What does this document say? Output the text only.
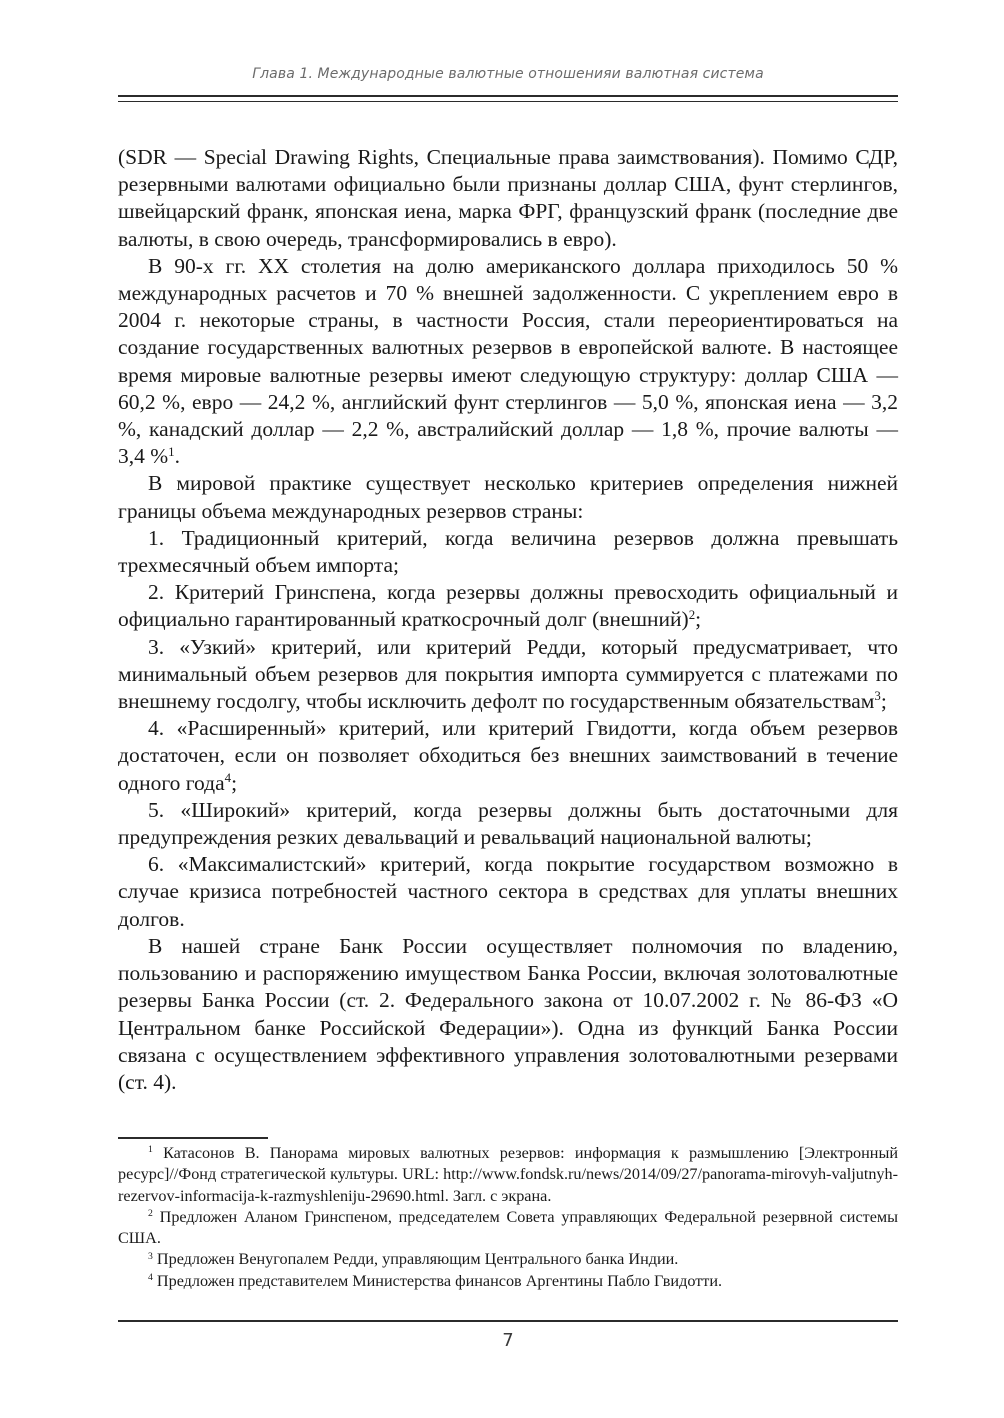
Глава 1. Международные валютные отношенияи валютная система

(SDR — Special Drawing Rights, Специальные права заимствования). Помимо СДР, резервными валютами официально были признаны доллар США, фунт стерлингов, швейцарский франк, японская иена, марка ФРГ, французский франк (последние две валюты, в свою очередь, трансформировались в евро).

В 90-х гг. XX столетия на долю американского доллара приходилось 50 % международных расчетов и 70 % внешней задолженности. С укреплением евро в 2004 г. некоторые страны, в частности Россия, стали переориентироваться на создание государственных валютных резервов в европейской валюте. В настоящее время мировые валютные резервы имеют следующую структуру: доллар США — 60,2 %, евро — 24,2 %, английский фунт стерлингов — 5,0 %, японская иена — 3,2 %, канадский доллар — 2,2 %, австралийский доллар — 1,8 %, прочие валюты — 3,4 %$^1$.

В мировой практике существует несколько критериев определения нижней границы объема международных резервов страны:

1. Традиционный критерий, когда величина резервов должна превышать трехмесячный объем импорта;

2. Критерий Гринспена, когда резервы должны превосходить официальный и официально гарантированный краткосрочный долг (внешний)$^2$;

3. «Узкий» критерий, или критерий Редди, который предусматривает, что минимальный объем резервов для покрытия импорта суммируется с платежами по внешнему госдолгу, чтобы исключить дефолт по государственным обязательствам$^3$;

4. «Расширенный» критерий, или критерий Гвидотти, когда объем резервов достаточен, если он позволяет обходиться без внешних заимствований в течение одного года$^4$;

5. «Широкий» критерий, когда резервы должны быть достаточными для предупреждения резких девальваций и ревальваций национальной валюты;

6. «Максималистский» критерий, когда покрытие государством возможно в случае кризиса потребностей частного сектора в средствах для уплаты внешних долгов.

В нашей стране Банк России осуществляет полномочия по владению, пользованию и распоряжению имуществом Банка России, включая золотовалютные резервы Банка России (ст. 2. Федерального закона от 10.07.2002 г. № 86-ФЗ «О Центральном банке Российской Федерации»). Одна из функций Банка России связана с осуществлением эффективного управления золотовалютными резервами (ст. 4).

$^1$ Катасонов В. Панорама мировых валютных резервов: информация к размышлению [Электронный ресурс]//Фонд стратегической культуры. URL: http://www.fondsk.ru/news/2014/09/27/panorama-mirovyh-valjutnyh-rezervov-informacija-k-razmyshleniju-29690.html. Загл. с экрана.

$^2$ Предложен Аланом Гринспеном, председателем Совета управляющих Федеральной резервной системы США.

$^3$ Предложен Венугопалем Редди, управляющим Центрального банка Индии.

$^4$ Предложен представителем Министерства финансов Аргентины Пабло Гвидотти.

7
